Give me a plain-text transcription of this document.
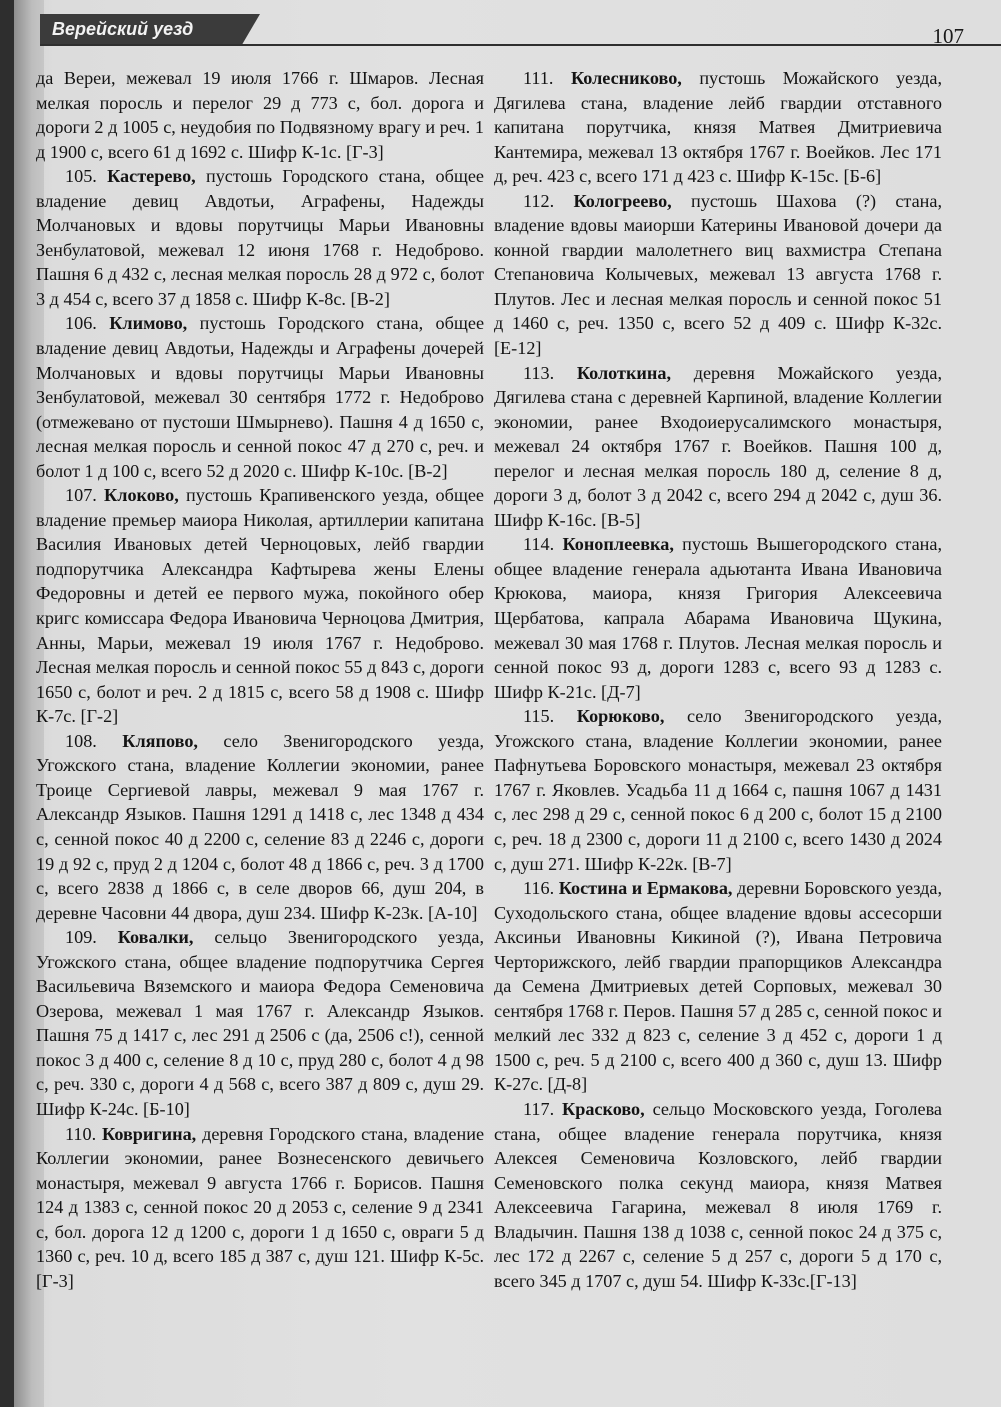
Верейский уезд	107

да Вереи, межевал 19 июля 1766 г. Шмаров. Лесная мелкая поросль и перелог 29 д 773 с, бол. дорога и дороги 2 д 1005 с, неудобия по Подвязному врагу и реч. 1 д 1900 с, всего 61 д 1692 с. Шифр К-1с. [Г-3]

105. Кастерево, пустошь Городского стана, общее владение девиц Авдотьи, Аграфены, Надежды Молчановых и вдовы порутчицы Марьи Ивановны Зенбулатовой, межевал 12 июня 1768 г. Недоброво. Пашня 6 д 432 с, лесная мелкая поросль 28 д 972 с, болот 3 д 454 с, всего 37 д 1858 с. Шифр К-8с. [В-2]

106. Климово, пустошь Городского стана, общее владение девиц Авдотьи, Надежды и Аграфены дочерей Молчановых и вдовы порутчицы Марьи Ивановны Зенбулатовой, межевал 30 сентября 1772 г. Недоброво (отмежевано от пустоши Шмырнево). Пашня 4 д 1650 с, лесная мелкая поросль и сенной покос 47 д 270 с, реч. и болот 1 д 100 с, всего 52 д 2020 с. Шифр К-10с. [В-2]

107. Клоково, пустошь Крапивенского уезда, общее владение премьер маиора Николая, артиллерии капитана Василия Ивановых детей Черноцовых, лейб гвардии подпорутчика Александра Кафтырева жены Елены Федоровны и детей ее первого мужа, покойного обер кригс комиссара Федора Ивановича Черноцова Дмитрия, Анны, Марьи, межевал 19 июля 1767 г. Недоброво. Лесная мелкая поросль и сенной покос 55 д 843 с, дороги 1650 с, болот и реч. 2 д 1815 с, всего 58 д 1908 с. Шифр К-7с. [Г-2]

108. Кляпово, село Звенигородского уезда, Угожского стана, владение Коллегии экономии, ранее Троице Сергиевой лавры, межевал 9 мая 1767 г. Александр Языков. Пашня 1291 д 1418 с, лес 1348 д 434 с, сенной покос 40 д 2200 с, селение 83 д 2246 с, дороги 19 д 92 с, пруд 2 д 1204 с, болот 48 д 1866 с, реч. 3 д 1700 с, всего 2838 д 1866 с, в селе дворов 66, душ 204, в деревне Часовни 44 двора, душ 234. Шифр К-23к. [А-10]

109. Ковалки, сельцо Звенигородского уезда, Угожского стана, общее владение подпорутчика Сергея Васильевича Вяземского и маиора Федора Семеновича Озерова, межевал 1 мая 1767 г. Александр Языков. Пашня 75 д 1417 с, лес 291 д 2506 с (да, 2506 с!), сенной покос 3 д 400 с, селение 8 д 10 с, пруд 280 с, болот 4 д 98 с, реч. 330 с, дороги 4 д 568 с, всего 387 д 809 с, душ 29. Шифр К-24с. [Б-10]

110. Ковригина, деревня Городского стана, владение Коллегии экономии, ранее Вознесенского девичьего монастыря, межевал 9 августа 1766 г. Борисов. Пашня 124 д 1383 с, сенной покос 20 д 2053 с, селение 9 д 2341 с, бол. дорога 12 д 1200 с, дороги 1 д 1650 с, овраги 5 д 1360 с, реч. 10 д, всего 185 д 387 с, душ 121. Шифр К-5с. [Г-3]

111. Колесниково, пустошь Можайского уезда, Дягилева стана, владение лейб гвардии отставного капитана порутчика, князя Матвея Дмитриевича Кантемира, межевал 13 октября 1767 г. Воейков. Лес 171 д, реч. 423 с, всего 171 д 423 с. Шифр К-15с. [Б-6]

112. Кологреево, пустошь Шахова (?) стана, владение вдовы маиорши Катерины Ивановой дочери да конной гвардии малолетнего виц вахмистра Степана Степановича Колычевых, межевал 13 августа 1768 г. Плутов. Лес и лесная мелкая поросль и сенной покос 51 д 1460 с, реч. 1350 с, всего 52 д 409 с. Шифр К-32с. [Е-12]

113. Колоткина, деревня Можайского уезда, Дягилева стана с деревней Карпиной, владение Коллегии экономии, ранее Входоиерусалимского монастыря, межевал 24 октября 1767 г. Воейков. Пашня 100 д, перелог и лесная мелкая поросль 180 д, селение 8 д, дороги 3 д, болот 3 д 2042 с, всего 294 д 2042 с, душ 36. Шифр К-16с. [В-5]

114. Коноплеевка, пустошь Вышегородского стана, общее владение генерала адьютанта Ивана Ивановича Крюкова, маиора, князя Григория Алексеевича Щербатова, капрала Абарама Ивановича Щукина, межевал 30 мая 1768 г. Плутов. Лесная мелкая поросль и сенной покос 93 д, дороги 1283 с, всего 93 д 1283 с. Шифр К-21с. [Д-7]

115. Корюково, село Звенигородского уезда, Угожского стана, владение Коллегии экономии, ранее Пафнутьева Боровского монастыря, межевал 23 октября 1767 г. Яковлев. Усадьба 11 д 1664 с, пашня 1067 д 1431 с, лес 298 д 29 с, сенной покос 6 д 200 с, болот 15 д 2100 с, реч. 18 д 2300 с, дороги 11 д 2100 с, всего 1430 д 2024 с, душ 271. Шифр К-22к. [В-7]

116. Костина и Ермакова, деревни Боровского уезда, Суходольского стана, общее владение вдовы ассесорши Аксиньи Ивановны Кикиной (?), Ивана Петровича Черторижского, лейб гвардии прапорщиков Александра да Семена Дмитриевых детей Сорповых, межевал 30 сентября 1768 г. Перов. Пашня 57 д 285 с, сенной покос и мелкий лес 332 д 823 с, селение 3 д 452 с, дороги 1 д 1500 с, реч. 5 д 2100 с, всего 400 д 360 с, душ 13. Шифр К-27с. [Д-8]

117. Красково, сельцо Московского уезда, Гоголева стана, общее владение генерала порутчика, князя Алексея Семеновича Козловского, лейб гвардии Семеновского полка секунд маиора, князя Матвея Алексеевича Гагарина, межевал 8 июля 1769 г. Владычин. Пашня 138 д 1038 с, сенной покос 24 д 375 с, лес 172 д 2267 с, селение 5 д 257 с, дороги 5 д 170 с, всего 345 д 1707 с, душ 54. Шифр К-33с.[Г-13]
